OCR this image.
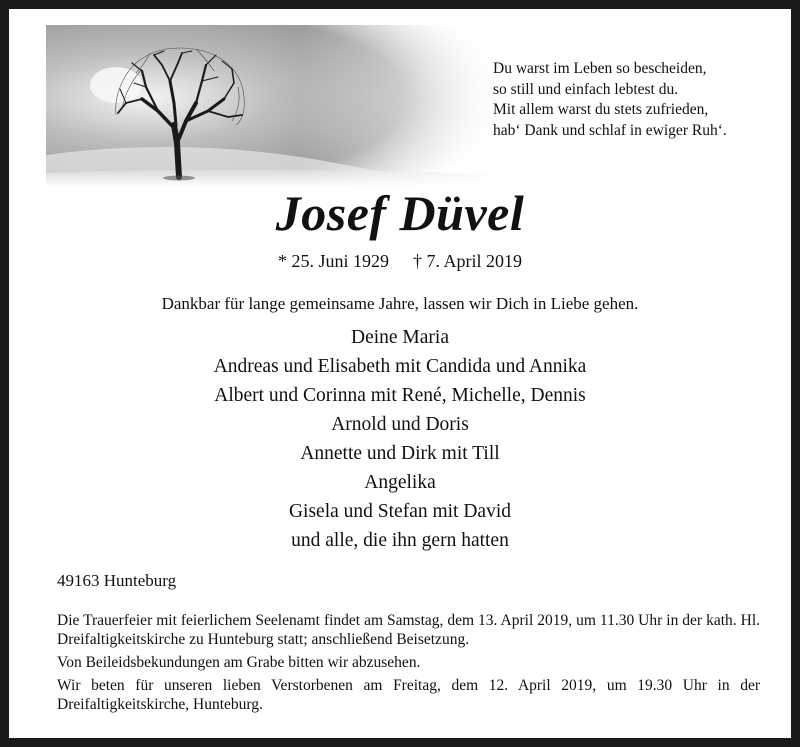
Du warst im Leben so bescheiden,
so still und einfach lebtest du.
Mit allem warst du stets zufrieden,
hab‘ Dank und schlaf in ewiger Ruh‘.
Josef Düvel
* 25. Juni 1929 † 7. April 2019
Dankbar für lange gemeinsame Jahre, lassen wir Dich in Liebe gehen.
Deine Maria
Andreas und Elisabeth mit Candida und Annika
Albert und Corinna mit René, Michelle, Dennis
Arnold und Doris
Annette und Dirk mit Till
Angelika
Gisela und Stefan mit David
und alle, die ihn gern hatten
49163 Hunteburg

Die Trauerfeier mit feierlichem Seelenamt findet am Samstag, dem 13. April 2019, um 11.30 Uhr in der kath. Hl. Dreifaltigkeitskirche zu Hunteburg statt; anschließend Beisetzung.

Von Beileidsbekundungen am Grabe bitten wir abzusehen.

Wir beten für unseren lieben Verstorbenen am Freitag, dem 12. April 2019, um 19.30 Uhr in der Dreifaltigkeitskirche, Hunteburg.
